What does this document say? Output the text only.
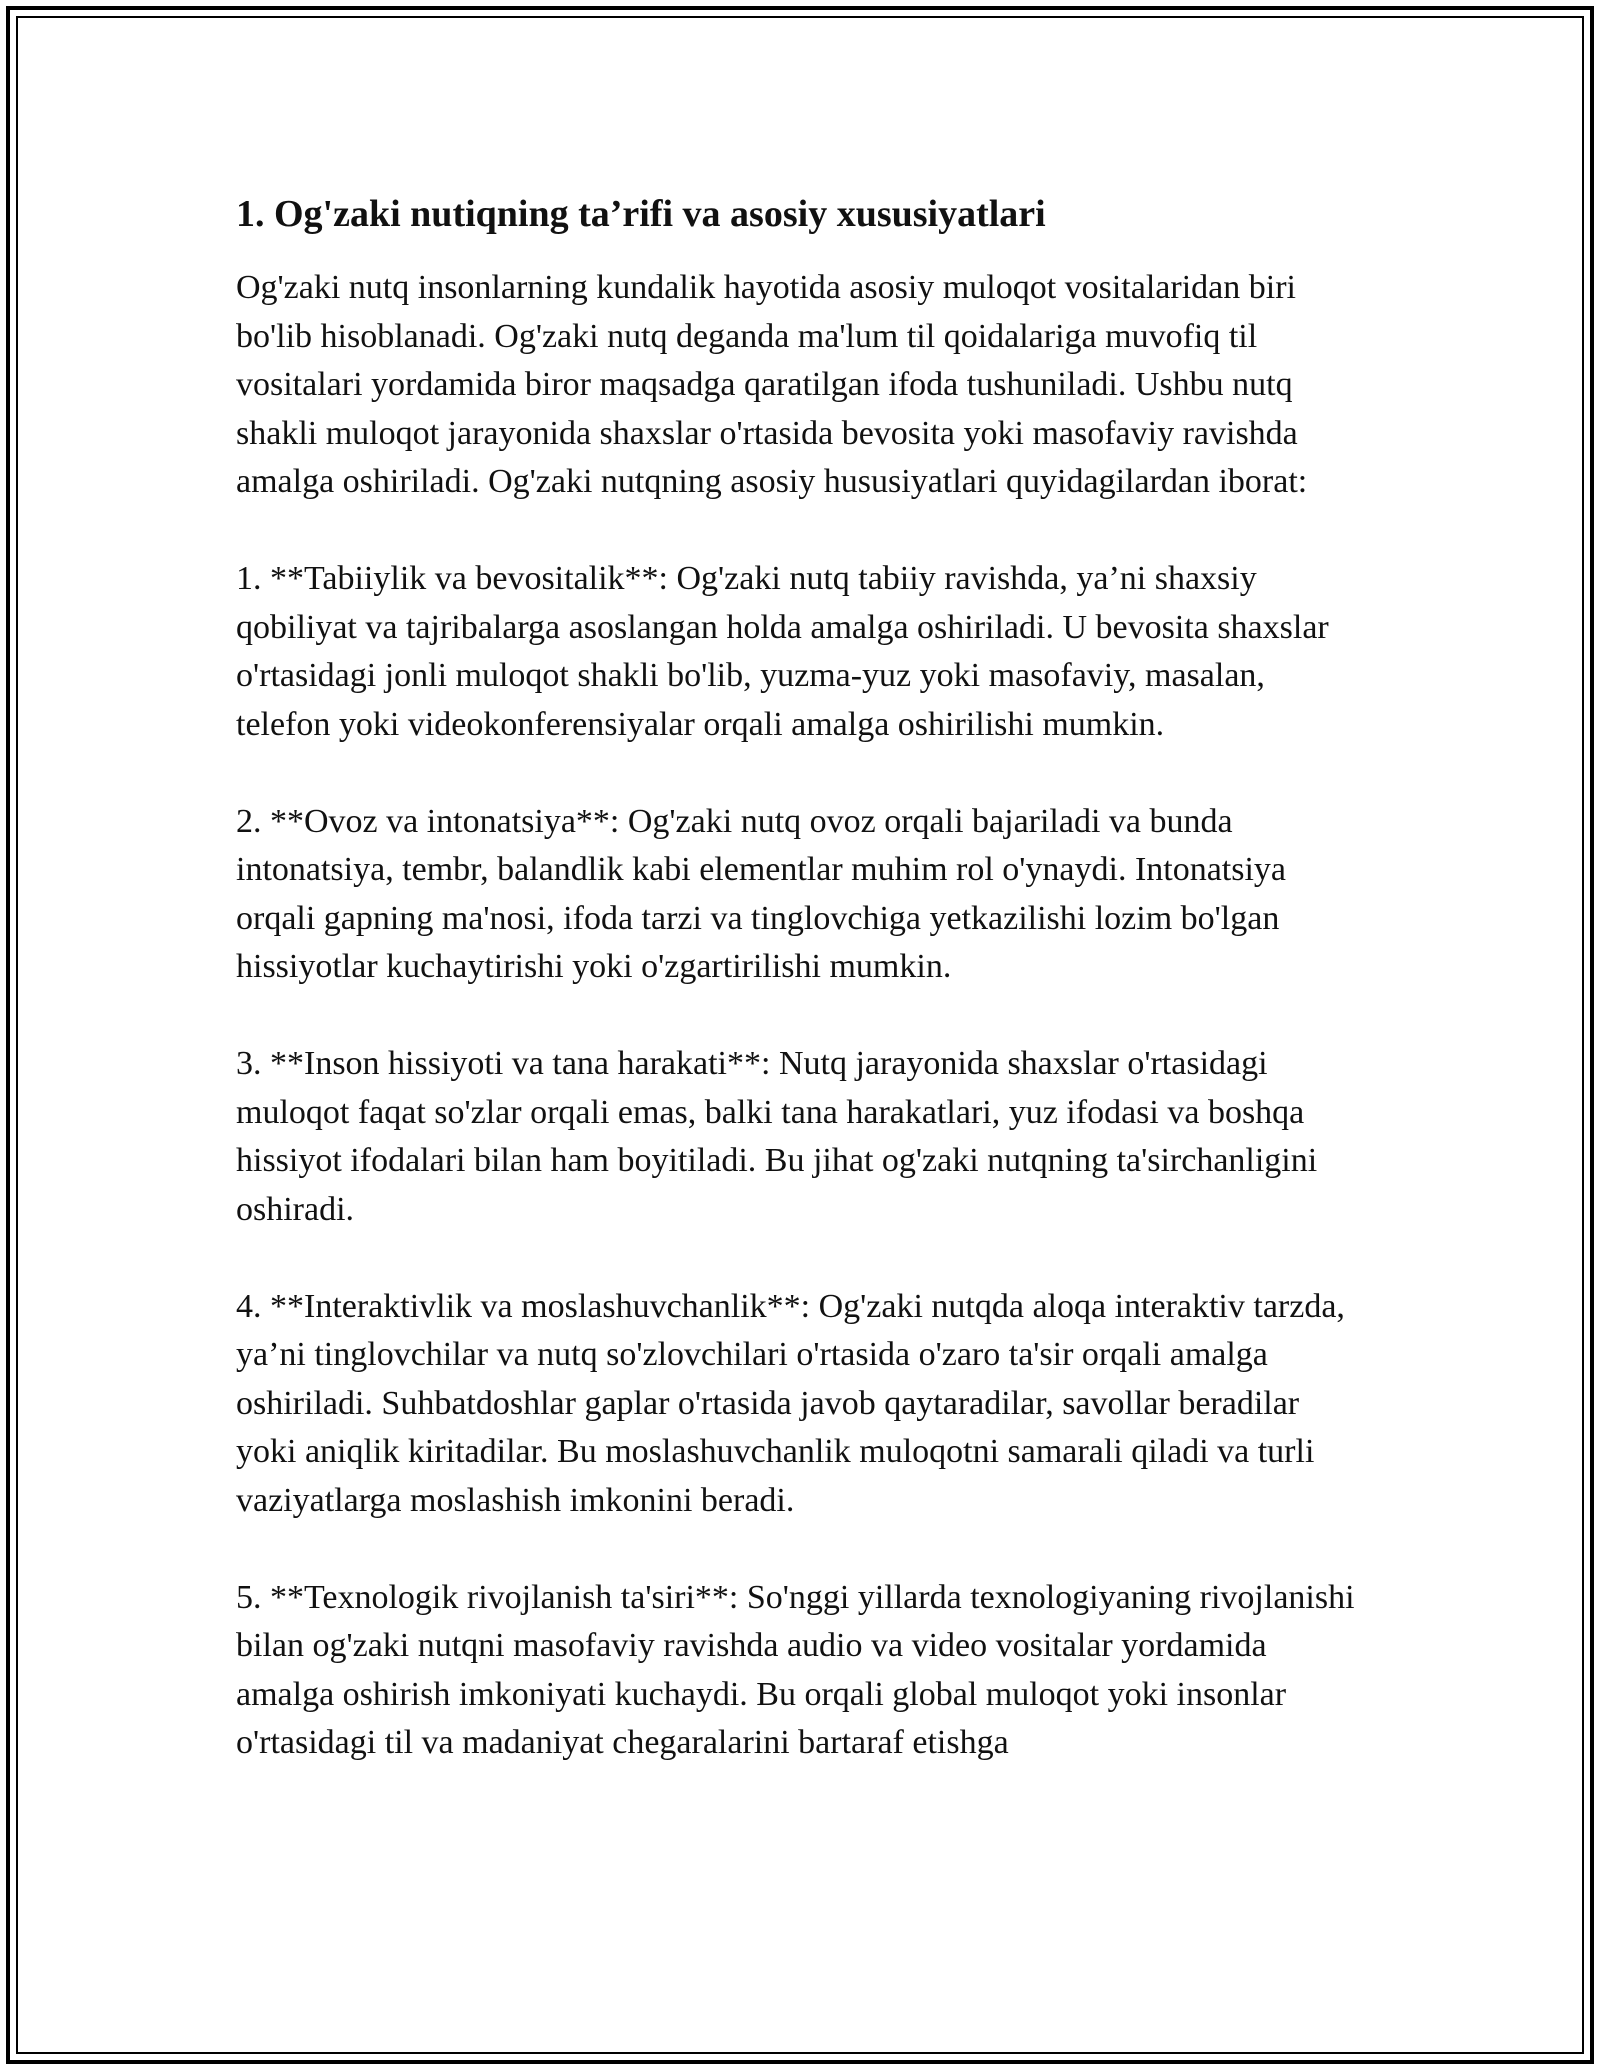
1. Og'zaki nutiqning ta’rifi va asosiy xususiyatlari

Og'zaki nutq insonlarning kundalik hayotida asosiy muloqot vositalaridan biri bo'lib hisoblanadi. Og'zaki nutq deganda ma'lum til qoidalariga muvofiq til vositalari yordamida biror maqsadga qaratilgan ifoda tushuniladi. Ushbu nutq shakli muloqot jarayonida shaxslar o'rtasida bevosita yoki masofaviy ravishda amalga oshiriladi. Og'zaki nutqning asosiy hususiyatlari quyidagilardan iborat:

1. **Tabiiylik va bevositalik**: Og'zaki nutq tabiiy ravishda, ya’ni shaxsiy qobiliyat va tajribalarga asoslangan holda amalga oshiriladi. U bevosita shaxslar o'rtasidagi jonli muloqot shakli bo'lib, yuzma-yuz yoki masofaviy, masalan, telefon yoki videokonferensiyalar orqali amalga oshirilishi mumkin.

2. **Ovoz va intonatsiya**: Og'zaki nutq ovoz orqali bajariladi va bunda intonatsiya, tembr, balandlik kabi elementlar muhim rol o'ynaydi. Intonatsiya orqali gapning ma'nosi, ifoda tarzi va tinglovchiga yetkazilishi lozim bo'lgan hissiyotlar kuchaytirishi yoki o'zgartirilishi mumkin.

3. **Inson hissiyoti va tana harakati**: Nutq jarayonida shaxslar o'rtasidagi muloqot faqat so'zlar orqali emas, balki tana harakatlari, yuz ifodasi va boshqa hissiyot ifodalari bilan ham boyitiladi. Bu jihat og'zaki nutqning ta'sirchanligini oshiradi.

4. **Interaktivlik va moslashuvchanlik**: Og'zaki nutqda aloqa interaktiv tarzda, ya’ni tinglovchilar va nutq so'zlovchilari o'rtasida o'zaro ta'sir orqali amalga oshiriladi. Suhbatdoshlar gaplar o'rtasida javob qaytaradilar, savollar beradilar yoki aniqlik kiritadilar. Bu moslashuvchanlik muloqotni samarali qiladi va turli vaziyatlarga moslashish imkonini beradi.

5. **Texnologik rivojlanish ta'siri**: So'nggi yillarda texnologiyaning rivojlanishi bilan og'zaki nutqni masofaviy ravishda audio va video vositalar yordamida amalga oshirish imkoniyati kuchaydi. Bu orqali global muloqot yoki insonlar o'rtasidagi til va madaniyat chegaralarini bartaraf etishga
